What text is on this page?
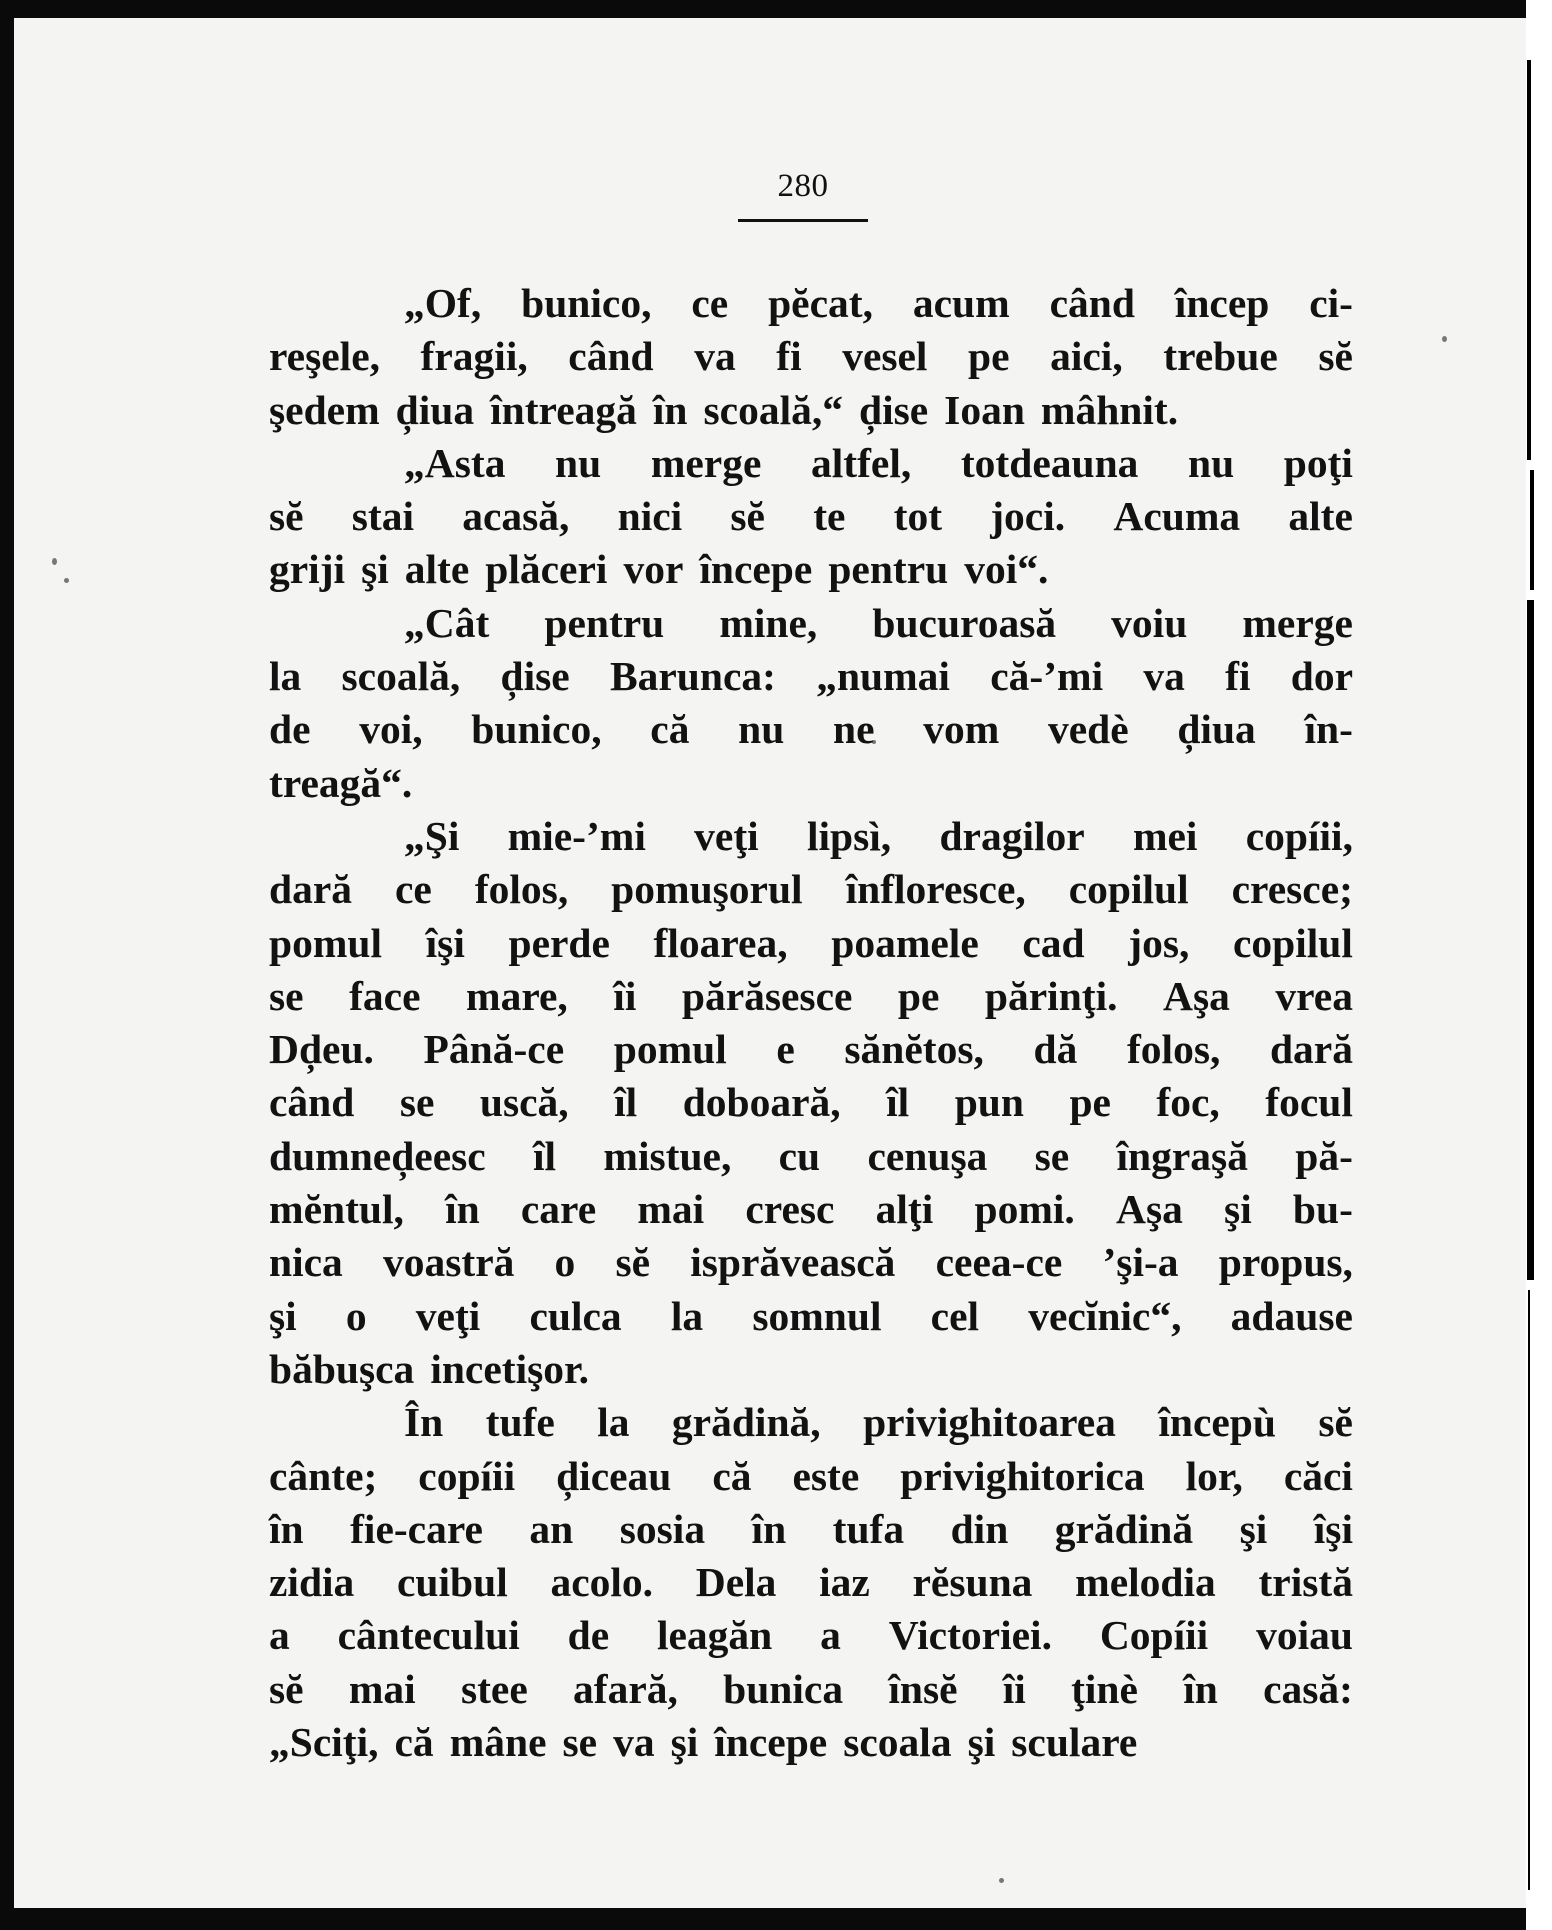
280
„Of, bunico, ce pĕcat, acum când încep ci-
reşele, fragii, când va fi vesel pe aici, trebue sĕ
şedem ḑiua întreagă în scoală,“ ḑise Ioan mâhnit.
„Asta nu merge altfel, totdeauna nu poţi
sĕ stai acasă, nici sĕ te tot joci. Acuma alte
griji şi alte plăceri vor începe pentru voi“.
„Cât pentru mine, bucuroasă voiu merge
la scoală, ḑise Barunca: „numai că-’mi va fi dor
de voi, bunico, că nu ne vom vedè ḑiua în-
treagă“.
„Şi mie-’mi veţi lipsì, dragilor mei copíii,
dară ce folos, pomuşorul înfloresce, copilul cresce;
pomul îşi perde floarea, poamele cad jos, copilul
se face mare, îi părăsesce pe părinţi. Aşa vrea
Dḑeu. Până-ce pomul e sănĕtos, dă folos, dară
când se uscă, îl doboară, îl pun pe foc, focul
dumneḑeesc îl mistue, cu cenuşa se îngraşă pă-
mĕntul, în care mai cresc alţi pomi. Aşa şi bu-
nica voastră o sĕ isprăvească ceea-ce ’şi-a propus,
şi o veţi culca la somnul cel vecĭnic“, adause
băbuşca incetişor.
În tufe la grădină, privighitoarea începù sĕ
cânte; copíii ḑiceau că este privighitorica lor, căci
în fie-care an sosia în tufa din grădină şi îşi
zidia cuibul acolo. Dela iaz rĕsuna melodia tristă
a cântecului de leagăn a Victoriei. Copíii voiau
sĕ mai stee afară, bunica însĕ îi ţinè în casă:
„Sciţi, că mâne se va şi începe scoala şi sculare
